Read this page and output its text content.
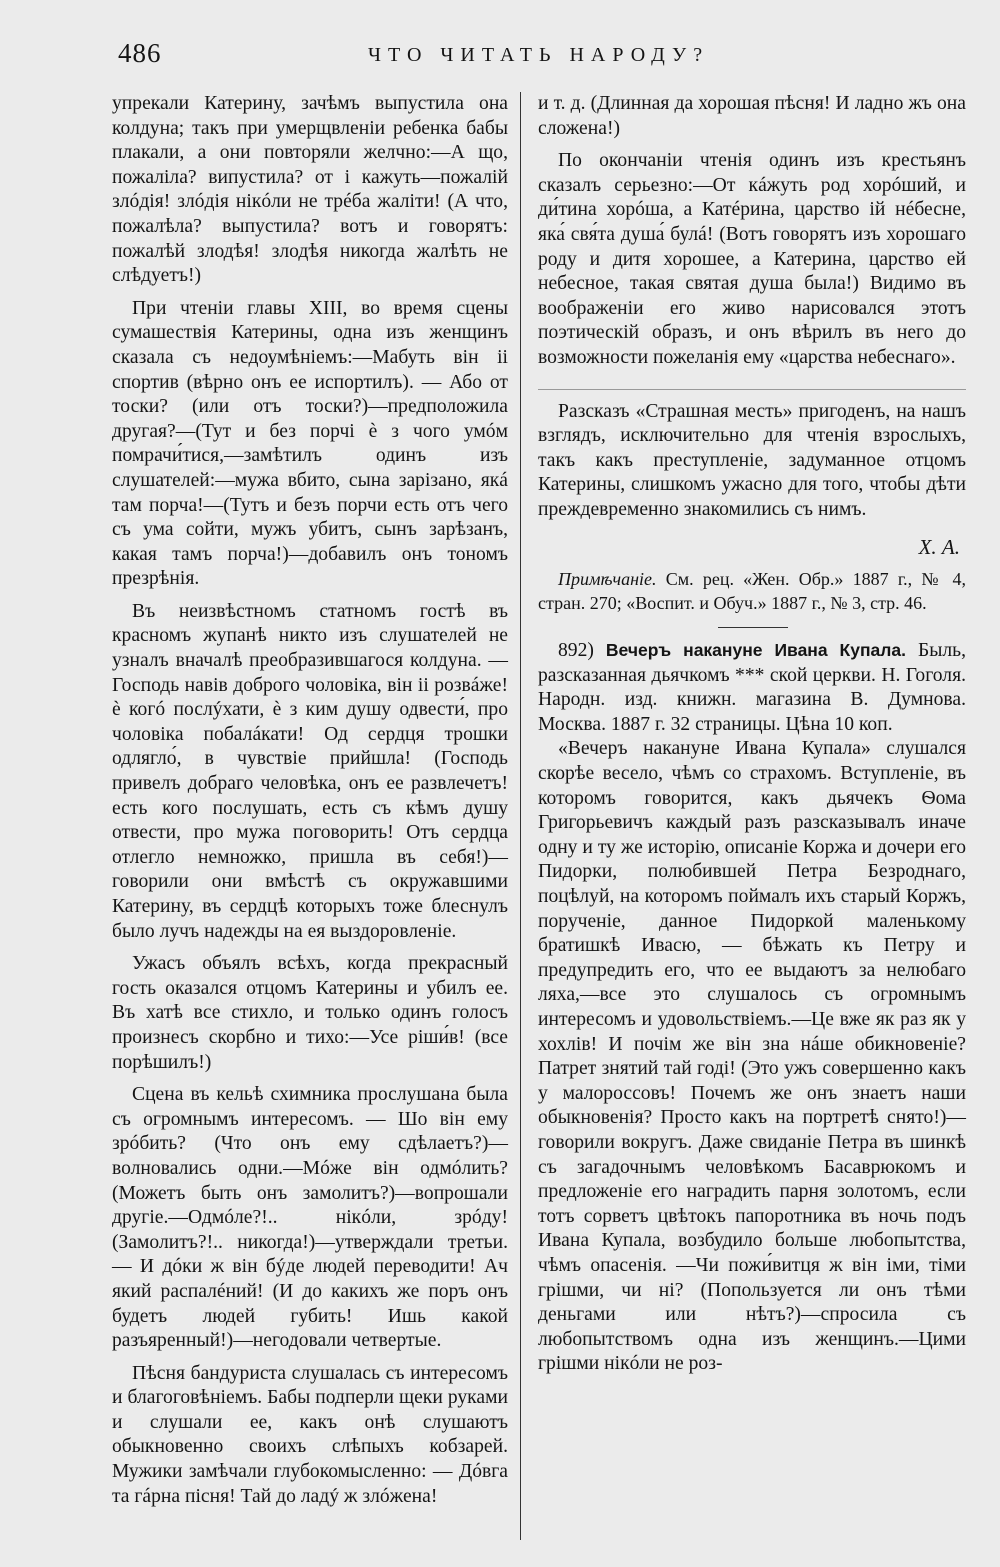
486	ЧТО ЧИТАТЬ НАРОДУ?

упрекали Катерину, зачѣмъ выпустила она колдуна; такъ при умерщвленiи ребенка бабы плакали, а они повторяли желчно:—А що, пожаліла? випустила? от і кажуть—пожалій злóдія! злóдія нiкóли не трéба жалiти! (А что, пожалѣла? выпустила? вотъ и говорятъ: пожалѣй злодѣя! злодѣя никогда жалѣть не слѣдуетъ!)

При чтенiи главы XIII, во время сцены сумашествія Катерины, одна изъ женщинъ сказала съ недоумѣніемъ:—Мабуть вiн ii спортив (вѣрно онъ ее испортилъ). — Або от тоски? (или отъ тоски?)—предположила другая?—(Тут и без порчi ѐ з чого умóм помрачи́тися,—замѣтилъ одинъ изъ слушателей:—мужа вбито, сына зарiзано, якá там порча!—(Тутъ и безъ порчи есть отъ чего съ ума сойти, мужъ убитъ, сынъ зарѣзанъ, какая тамъ порча!)—добавилъ онъ тономъ презрѣнія.

Въ неизвѣстномъ статномъ гостѣ въ красномъ жупанѣ никто изъ слушателей не узналъ вначалѣ преобразившагося колдуна. —Господь навiв доброго чоловiка, вiн ii розвáже! ѐ когó послýхати, ѐ з ким душу одвести́, про чоловiка побалáкати! Од сердця трошки одлягло́, в чувствiе прийшла! (Господь привелъ добраго человѣка, онъ ее развлечетъ! есть кого послушать, есть съ кѣмъ душу отвести, про мужа поговорить! Отъ сердца отлегло немножко, пришла въ себя!)—говорили они вмѣстѣ съ окружавшими Катерину, въ сердцѣ которыхъ тоже блеснулъ было лучъ надежды на ея выздоровленіе.

Ужасъ объялъ всѣхъ, когда прекрасный гость оказался отцомъ Катерины и убилъ ее. Въ хатѣ все стихло, и только одинъ голосъ произнесъ скорбно и тихо:—Усе рiши́в! (все порѣшилъ!)

Сцена въ кельѣ схимника прослушана была съ огромнымъ интересомъ. — Шо вiн ему зрóбить? (Что онъ ему сдѣлаетъ?)—волновались одни.—Мóже вiн одмóлить? (Можетъ быть онъ замолитъ?)—вопрошали другіе.—Одмóле?!.. нiкóли, зрóду! (Замолитъ?!.. никогда!)—утверждали третьи. — И дóки ж вiн бýде людей переводити! Ач який распалéний! (И до какихъ же поръ онъ будетъ людей губить! Ишь какой разъяренный!)—негодовали четвертые.

Пѣсня бандуриста слушалась съ интересомъ и благоговѣніемъ. Бабы подперли щеки руками и слушали ее, какъ онѣ слушаютъ обыкновенно своихъ слѣпыхъ кобзарей. Мужики замѣчали глубокомысленно: — Дóвга та гáрна пiсня! Тай до ладý ж злóжена!

и т. д. (Длинная да хорошая пѣсня! И ладно жъ она сложена!)

По окончанiи чтенія одинъ изъ крестьянъ сказалъ серьезно:—От кáжуть род хорóший, и ди́тина хорóша, а Катéрина, царство iй нéбесне, яка́ свя́та душа́ булá! (Вотъ говорятъ изъ хорошаго роду и дитя хорошее, а Катерина, царство ей небесное, такая святая душа была!) Видимо въ воображенiи его живо нарисовался этотъ поэтическій образъ, и онъ вѣрилъ въ него до возможности пожеланія ему «царства небеснаго».

Разсказъ «Страшная месть» пригоденъ, на нашъ взглядъ, исключительно для чтенія взрослыхъ, такъ какъ преступленіе, задуманное отцомъ Катерины, слишкомъ ужасно для того, чтобы дѣти преждевременно знакомились съ нимъ.

Х. А.

Примѣчаніе. См. рец. «Жен. Обр.» 1887 г., № 4, стран. 270; «Воспит. и Обуч.» 1887 г., № 3, стр. 46.

892) Вечеръ накануне Ивана Купала. Быль, разсказанная дьячкомъ *** ской церкви. Н. Гоголя. Народн. изд. книжн. магазина В. Думнова. Москва. 1887 г. 32 страницы. Цѣна 10 коп.

«Вечеръ накануне Ивана Купала» слушался скорѣе весело, чѣмъ со страхомъ. Вступленіе, въ которомъ говорится, какъ дьячекъ Ѳома Григорьевичъ каждый разъ разсказывалъ иначе одну и ту же исторію, описаніе Коржа и дочери его Пидорки, полюбившей Петра Безроднаго, поцѣлуй, на которомъ поймалъ ихъ старый Коржъ, порученіе, данное Пидоркой маленькому братишкѣ Ивасю, — бѣжать къ Петру и предупредить его, что ее выдаютъ за нелюбаго ляха,—все это слушалось съ огромнымъ интересомъ и удовольствіемъ.—Це вже як раз як у хохлiв! И почiм же вiн зна нáше обикновенiе? Патрет знятий тай годi! (Это ужъ совершенно какъ у малороссовъ! Почемъ же онъ знаетъ наши обыкновенія? Просто какъ на портретѣ снято!)—говорили вокругъ. Даже свиданіе Петра въ шинкѣ съ загадочнымъ человѣкомъ Басаврюкомъ и предложеніе его наградить парня золотомъ, если тотъ сорветъ цвѣтокъ папоротника въ ночь подъ Ивана Купала, возбудило больше любопытства, чѣмъ опасенія. —Чи пожи́витця ж вiн iми, тiми грiшми, чи нi? (Попользуется ли онъ тѣми деньгами или нѣтъ?)—спросила съ любопытствомъ одна изъ женщинъ.—Цими грiшми нiкóли не роз-
